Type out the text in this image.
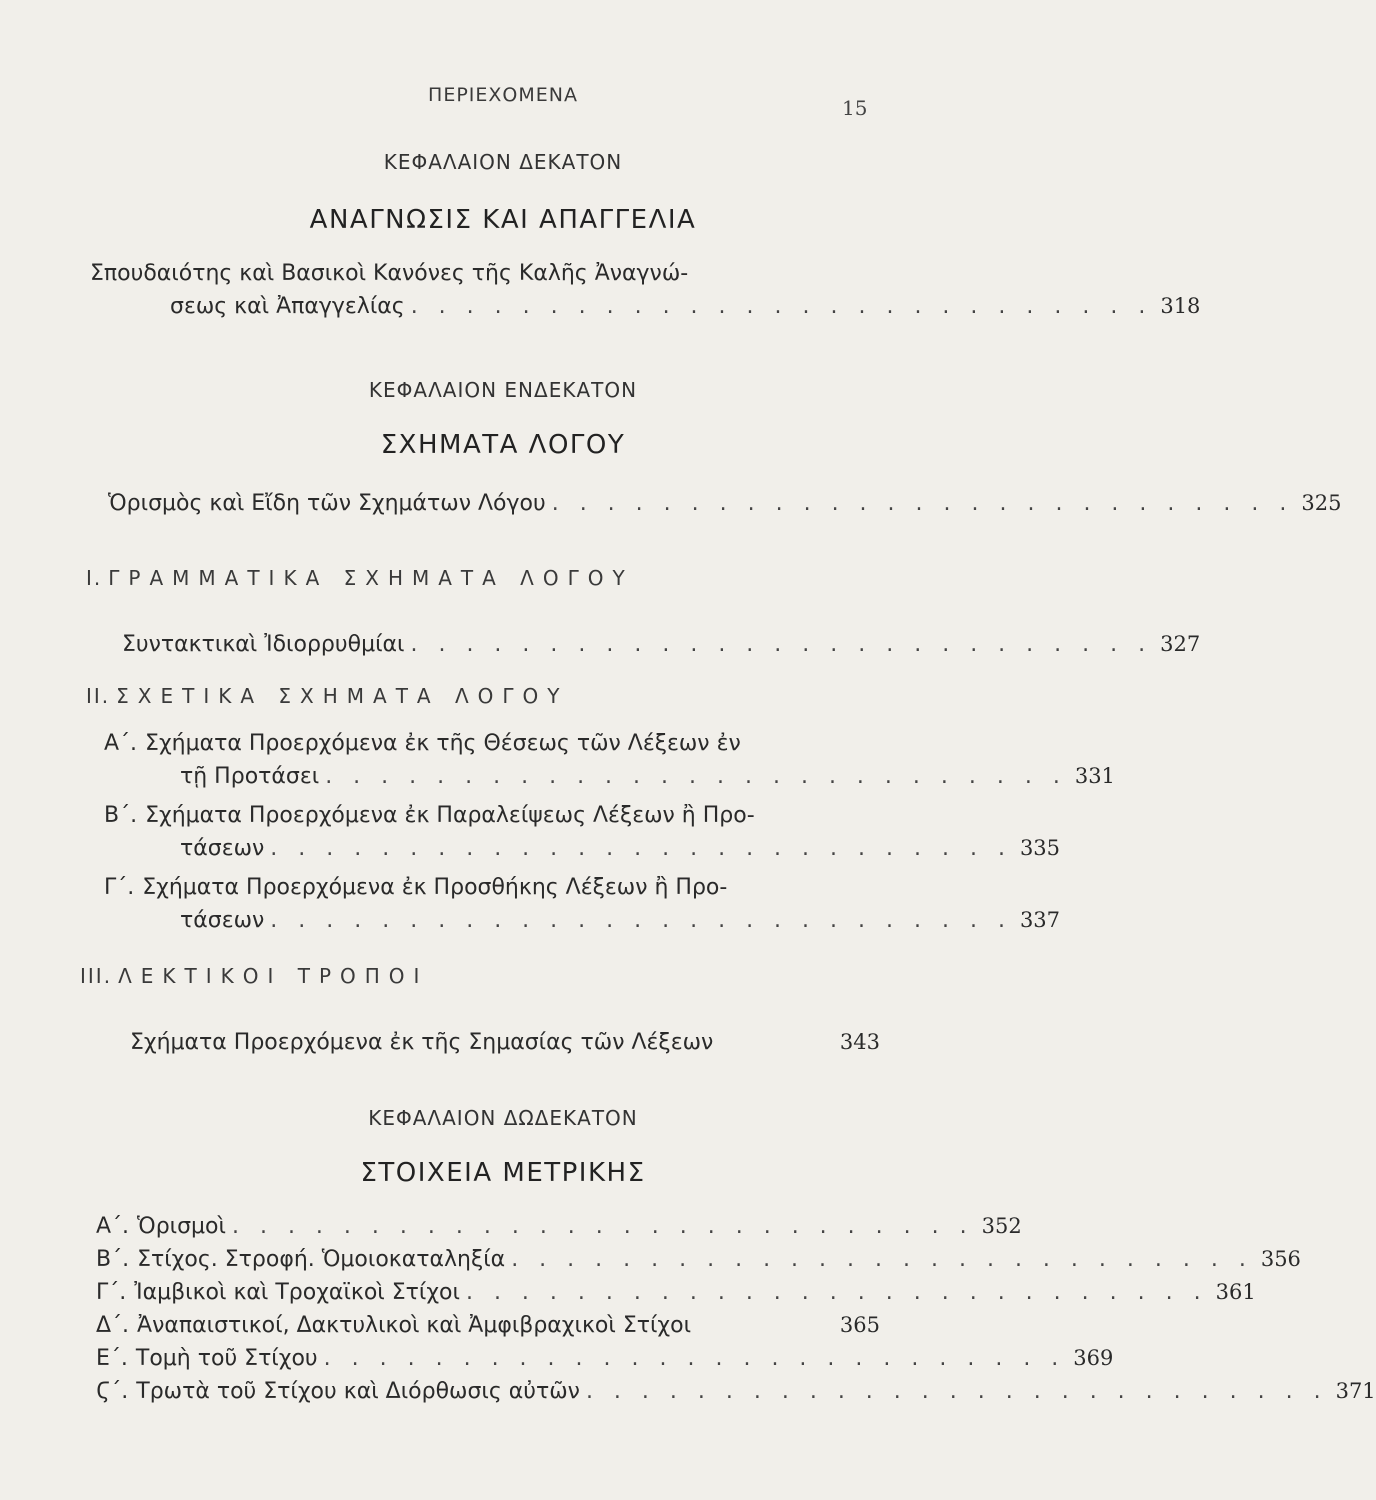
ΠΕΡΙΕΧΟΜΕΝΑ
15
ΚΕΦΑΛΑΙΟΝ ΔΕΚΑΤΟΝ
ΑΝΑΓΝΩΣΙΣ ΚΑΙ ΑΠΑΓΓΕΛΙΑ
Σπουδαιότης καὶ Βασικοὶ Κανόνες τῆς Καλῆς Ἀναγνώ-
σεως καὶ Ἀπαγγελίας . . . . . . . . . . . . . . . . . . . . . . . . . . . 318
ΚΕΦΑΛΑΙΟΝ ΕΝΔΕΚΑΤΟΝ
ΣΧΗΜΑΤΑ ΛΟΓΟΥ
Ὁρισμὸς καὶ Εἴδη τῶν Σχημάτων Λόγου . . . . . . . . . . . . . . . . . . . . . . . . . . . 325
I. ΓΡΑΜΜΑΤΙΚΑ ΣΧΗΜΑΤΑ ΛΟΓΟΥ
Συντακτικαὶ Ἰδιορρυθμίαι . . . . . . . . . . . . . . . . . . . . . . . . . . . 327
II. ΣΧΕΤΙΚΑ ΣΧΗΜΑΤΑ ΛΟΓΟΥ
Α΄. Σχήματα Προερχόμενα ἐκ τῆς Θέσεως τῶν Λέξεων ἐν
τῇ Προτάσει . . . . . . . . . . . . . . . . . . . . . . . . . . . 331
Β΄. Σχήματα Προερχόμενα ἐκ Παραλείψεως Λέξεων ἢ Προ-
τάσεων . . . . . . . . . . . . . . . . . . . . . . . . . . . 335
Γ΄. Σχήματα Προερχόμενα ἐκ Προσθήκης Λέξεων ἢ Προ-
τάσεων . . . . . . . . . . . . . . . . . . . . . . . . . . . 337
III. ΛΕΚΤΙΚΟΙ ΤΡΟΠΟΙ
Σχήματα Προερχόμενα ἐκ τῆς Σημασίας τῶν Λέξεων	343
ΚΕΦΑΛΑΙΟΝ ΔΩΔΕΚΑΤΟΝ
ΣΤΟΙΧΕΙΑ ΜΕΤΡΙΚΗΣ
Α΄. Ὁρισμοὶ . . . . . . . . . . . . . . . . . . . . . . . . . . . 352
Β΄. Στίχος. Στροφή. Ὁμοιοκαταληξία . . . . . . . . . . . . . . . . . . . . . . . . . . . 356
Γ΄. Ἰαμβικοὶ καὶ Τροχαϊκοὶ Στίχοι . . . . . . . . . . . . . . . . . . . . . . . . . . . 361
Δ΄. Ἀναπαιστικοί, Δακτυλικοὶ καὶ Ἀμφιβραχικοὶ Στίχοι	365
Ε΄. Τομὴ τοῦ Στίχου . . . . . . . . . . . . . . . . . . . . . . . . . . . 369
Ϛ΄. Τρωτὰ τοῦ Στίχου καὶ Διόρθωσις αὐτῶν . . . . . . . . . . . . . . . . . . . . . . . . . . . 371
